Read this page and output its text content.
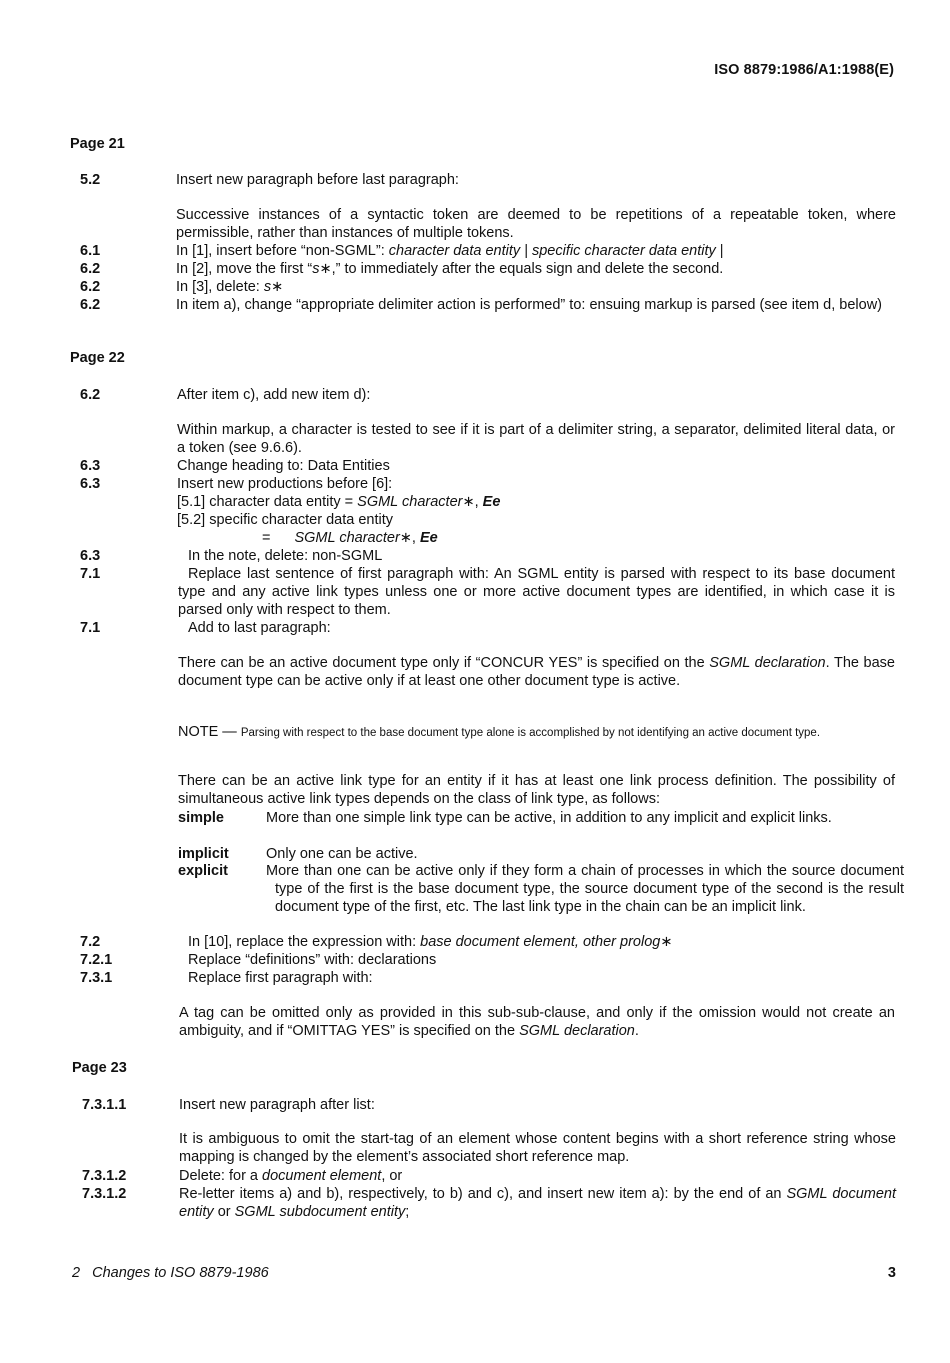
ISO 8879:1986/A1:1988(E)
Page 21
5.2	Insert new paragraph before last paragraph:
Successive instances of a syntactic token are deemed to be repetitions of a repeatable token, where permissible, rather than instances of multiple tokens.
6.1	In [1], insert before “non-SGML”: character data entity | specific character data entity |
6.2	In [2], move the first “s∗,” to immediately after the equals sign and delete the second.
6.2	In [3], delete: s∗
6.2	In item a), change “appropriate delimiter action is performed” to: ensuing markup is parsed (see item d, below)
Page 22
6.2	After item c), add new item d):
Within markup, a character is tested to see if it is part of a delimiter string, a separator, delimited literal data, or a token (see 9.6.6).
6.3	Change heading to: Data Entities
6.3	Insert new productions before [6]:
[5.1] character data entity = SGML character∗, Ee
[5.2] specific character data entity
= SGML character∗, Ee
6.3	In the note, delete: non-SGML
7.1	Replace last sentence of first paragraph with: An SGML entity is parsed with respect to its base document type and any active link types unless one or more active document types are identified, in which case it is parsed only with respect to them.
7.1	Add to last paragraph:
There can be an active document type only if “CONCUR YES” is specified on the SGML declaration. The base document type can be active only if at least one other document type is active.
NOTE — Parsing with respect to the base document type alone is accomplished by not identifying an active document type.
There can be an active link type for an entity if it has at least one link process definition. The possibility of simultaneous active link types depends on the class of link type, as follows:
simple	More than one simple link type can be active, in addition to any implicit and explicit links.
implicit	Only one can be active.
explicit	More than one can be active only if they form a chain of processes in which the source document type of the first is the base document type, the source document type of the second is the result document type of the first, etc. The last link type in the chain can be an implicit link.
7.2	In [10], replace the expression with: base document element, other prolog∗
7.2.1	Replace “definitions” with: declarations
7.3.1	Replace first paragraph with:
A tag can be omitted only as provided in this sub-sub-clause, and only if the omission would not create an ambiguity, and if “OMITTAG YES” is specified on the SGML declaration.
Page 23
7.3.1.1	Insert new paragraph after list:
It is ambiguous to omit the start-tag of an element whose content begins with a short reference string whose mapping is changed by the element’s associated short reference map.
7.3.1.2	Delete: for a document element, or
7.3.1.2	Re-letter items a) and b), respectively, to b) and c), and insert new item a): by the end of an SGML document entity or SGML subdocument entity;
2   Changes to ISO 8879-1986	3
